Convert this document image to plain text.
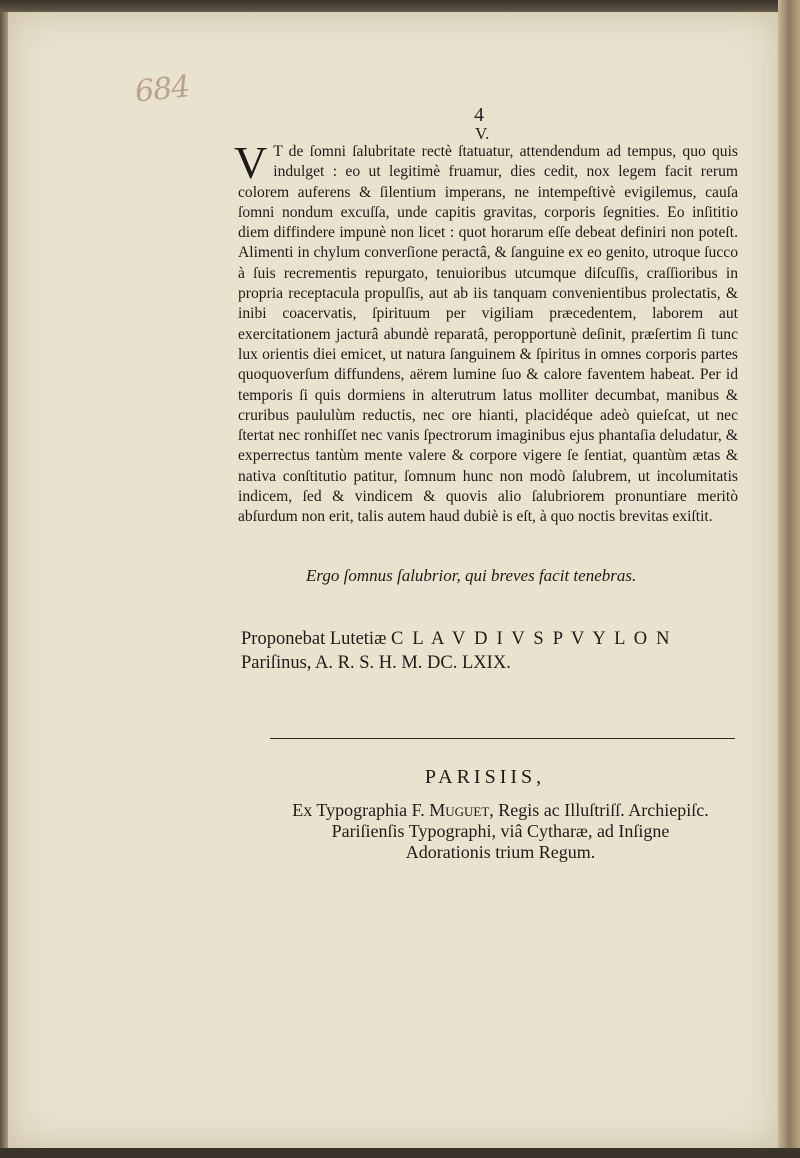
684
4
V.
V T de ſomni ſalubritate rectè ſtatuatur, attendendum ad tempus, quo quis indulget : eo ut legitimè fruamur, dies cedit, nox legem facit rerum colorem auferens & ſilentium imperans, ne intempeſtivè evigilemus, cauſa ſomni nondum excuſſa, unde capitis gravitas, corporis ſegnities. Eo inſititio diem diffindere impunè non licet : quot horarum eſſe debeat definiri non poteſt. Alimenti in chylum converſione peractâ, & ſanguine ex eo genito, utroque ſucco à ſuis recrementis repurgato, tenuioribus utcumque diſcuſſis, craſſioribus in propria receptacula propulſis, aut ab iis tanquam convenientibus prolectatis, & inibi coacervatis, ſpirituum per vigiliam præcedentem, laborem aut exercitationem jacturâ abundè reparatâ, peropportunè deſinit, præſertim ſi tunc lux orientis diei emicet, ut natura ſanguinem & ſpiritus in omnes corporis partes quoquoverſum diffundens, aërem lumine ſuo & calore faventem habeat. Per id temporis ſi quis dormiens in alterutrum latus molliter decumbat, manibus & cruribus paululùm reductis, nec ore hianti, placidéque adeò quieſcat, ut nec ſtertat nec ronhiſſet nec vanis ſpectrorum imaginibus ejus phantaſia deludatur, & experrectus tantùm mente valere & corpore vigere ſe ſentiat, quantùm ætas & nativa conſtitutio patitur, ſomnum hunc non modò ſalubrem, ut incolumitatis indicem, ſed & vindicem & quovis alio ſalubriorem pronuntiare meritò abſurdum non erit, talis autem haud dubiè is eſt, à quo noctis brevitas exiſtit.
Ergo ſomnus ſalubrior, qui breves facit tenebras.
Proponebat Lutetiæ C L A V D I V S P V Y L O N
Pariſinus, A. R. S. H. M. DC. LXIX.
PARISIIS,
Ex Typographia F. Muguet, Regis ac Illuſtriſſ. Archiepiſc.
Pariſienſis Typographi, viâ Cytharæ, ad Inſigne
Adorationis trium Regum.
